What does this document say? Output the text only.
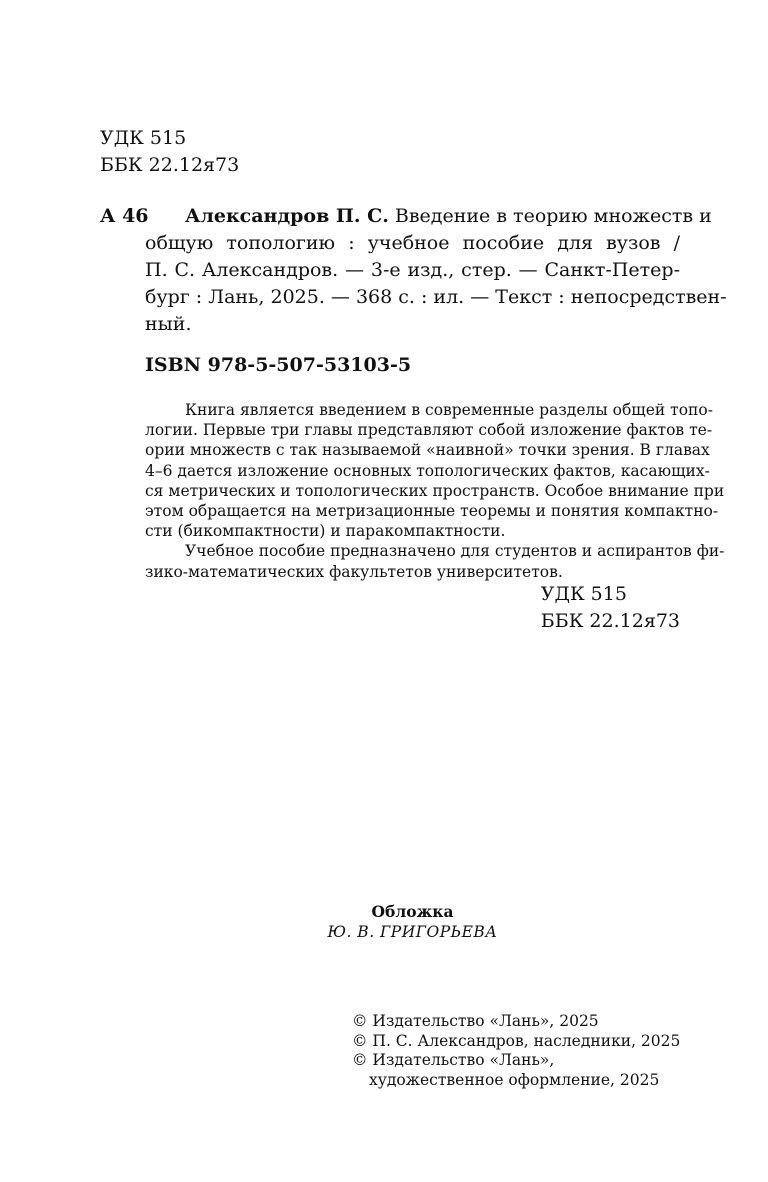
УДК 515
ББК 22.12я73
А 46	Александров П. С. Введение в теорию множеств и
общую топологию : учебное пособие для вузов /
П. С. Александров. — 3-е изд., стер. — Санкт-Петер-
бург : Лань, 2025. — 368 с. : ил. — Текст : непосредствен-
ный.
ISBN 978-5-507-53103-5
Книга является введением в современные разделы общей топо-
логии. Первые три главы представляют собой изложение фактов те-
ории множеств с так называемой «наивной» точки зрения. В главах
4–6 дается изложение основных топологических фактов, касающих-
ся метрических и топологических пространств. Особое внимание при
этом обращается на метризационные теоремы и понятия компактно-
сти (бикомпактности) и паракомпактности.
Учебное пособие предназначено для студентов и аспирантов фи-
зико-математических факультетов университетов.
УДК 515
ББК 22.12я73
Обложка
Ю. В. ГРИГОРЬЕВА
© Издательство «Лань», 2025
© П. С. Александров, наследники, 2025
© Издательство «Лань»,
художественное оформление, 2025
